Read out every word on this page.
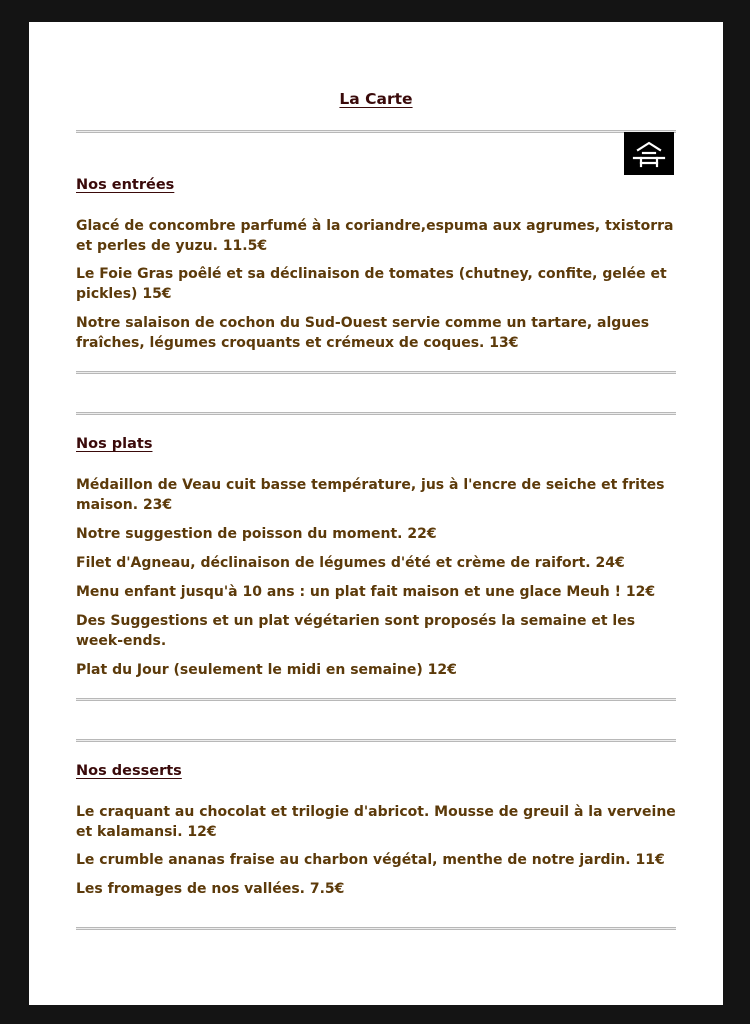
La Carte
Nos entrées
Glacé de concombre parfumé à la coriandre,espuma aux agrumes, txistorra et perles de yuzu. 11.5€
Le Foie Gras poêlé et sa déclinaison de tomates (chutney, confite, gelée et pickles) 15€
Notre salaison de cochon du Sud-Ouest servie comme un tartare, algues fraîches, légumes croquants et crémeux de coques. 13€
Nos plats
Médaillon de Veau cuit basse température, jus à l'encre de seiche et frites maison. 23€
Notre suggestion de poisson du moment. 22€
Filet d'Agneau, déclinaison de légumes d'été et crème de raifort. 24€
Menu enfant jusqu'à 10 ans : un plat fait maison et une glace Meuh ! 12€
Des Suggestions et un plat végétarien sont proposés la semaine et les week-ends.
Plat du Jour (seulement le midi en semaine) 12€
Nos desserts
Le craquant au chocolat et trilogie d'abricot. Mousse de greuil à la verveine et kalamansi. 12€
Le crumble ananas fraise au charbon végétal, menthe de notre jardin. 11€
Les fromages de nos vallées. 7.5€
